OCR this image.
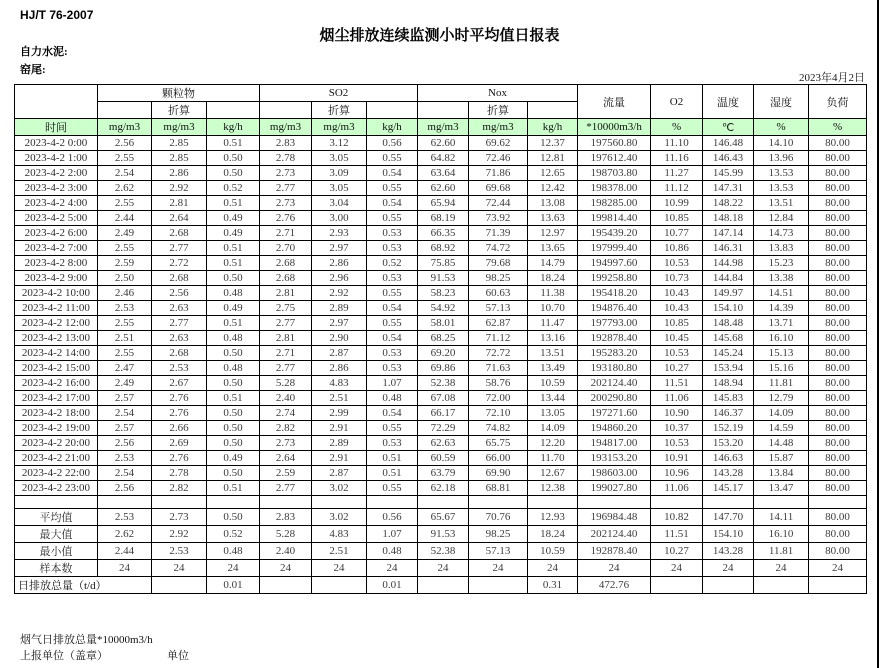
HJ/T 76-2007
烟尘排放连续监测小时平均值日报表
自力水泥:
窑尾:
2023年4月2日
	颗粒物			SO2			Nox			流量	O2	温度	湿度	负荷
		折算			折算			折算						
时间	mg/m3	mg/m3	kg/h	mg/m3	mg/m3	kg/h	mg/m3	mg/m3	kg/h	*10000m3/h	%	℃	%	%
2023-4-2 0:00	2.56	2.85	0.51	2.83	3.12	0.56	62.60	69.62	12.37	197560.80	11.10	146.48	14.10	80.00
2023-4-2 1:00	2.55	2.85	0.50	2.78	3.05	0.55	64.82	72.46	12.81	197612.40	11.16	146.43	13.96	80.00
2023-4-2 2:00	2.54	2.86	0.50	2.73	3.09	0.54	63.64	71.86	12.65	198703.80	11.27	145.99	13.53	80.00
2023-4-2 3:00	2.62	2.92	0.52	2.77	3.05	0.55	62.60	69.68	12.42	198378.00	11.12	147.31	13.53	80.00
2023-4-2 4:00	2.55	2.81	0.51	2.73	3.04	0.54	65.94	72.44	13.08	198285.00	10.99	148.22	13.51	80.00
2023-4-2 5:00	2.44	2.64	0.49	2.76	3.00	0.55	68.19	73.92	13.63	199814.40	10.85	148.18	12.84	80.00
2023-4-2 6:00	2.49	2.68	0.49	2.71	2.93	0.53	66.35	71.39	12.97	195439.20	10.77	147.14	14.73	80.00
2023-4-2 7:00	2.55	2.77	0.51	2.70	2.97	0.53	68.92	74.72	13.65	197999.40	10.86	146.31	13.83	80.00
2023-4-2 8:00	2.59	2.72	0.51	2.68	2.86	0.52	75.85	79.68	14.79	194997.60	10.53	144.98	15.23	80.00
2023-4-2 9:00	2.50	2.68	0.50	2.68	2.96	0.53	91.53	98.25	18.24	199258.80	10.73	144.84	13.38	80.00
2023-4-2 10:00	2.46	2.56	0.48	2.81	2.92	0.55	58.23	60.63	11.38	195418.20	10.43	149.97	14.51	80.00
2023-4-2 11:00	2.53	2.63	0.49	2.75	2.89	0.54	54.92	57.13	10.70	194876.40	10.43	154.10	14.39	80.00
2023-4-2 12:00	2.55	2.77	0.51	2.77	2.97	0.55	58.01	62.87	11.47	197793.00	10.85	148.48	13.71	80.00
2023-4-2 13:00	2.51	2.63	0.48	2.81	2.90	0.54	68.25	71.12	13.16	192878.40	10.45	145.68	16.10	80.00
2023-4-2 14:00	2.55	2.68	0.50	2.71	2.87	0.53	69.20	72.72	13.51	195283.20	10.53	145.24	15.13	80.00
2023-4-2 15:00	2.47	2.53	0.48	2.77	2.86	0.53	69.86	71.63	13.49	193180.80	10.27	153.94	15.16	80.00
2023-4-2 16:00	2.49	2.67	0.50	5.28	4.83	1.07	52.38	58.76	10.59	202124.40	11.51	148.94	11.81	80.00
2023-4-2 17:00	2.57	2.76	0.51	2.40	2.51	0.48	67.08	72.00	13.44	200290.80	11.06	145.83	12.79	80.00
2023-4-2 18:00	2.54	2.76	0.50	2.74	2.99	0.54	66.17	72.10	13.05	197271.60	10.90	146.37	14.09	80.00
2023-4-2 19:00	2.57	2.66	0.50	2.82	2.91	0.55	72.29	74.82	14.09	194860.20	10.37	152.19	14.59	80.00
2023-4-2 20:00	2.56	2.69	0.50	2.73	2.89	0.53	62.63	65.75	12.20	194817.00	10.53	153.20	14.48	80.00
2023-4-2 21:00	2.53	2.76	0.49	2.64	2.91	0.51	60.59	66.00	11.70	193153.20	10.91	146.63	15.87	80.00
2023-4-2 22:00	2.54	2.78	0.50	2.59	2.87	0.51	63.79	69.90	12.67	198603.00	10.96	143.28	13.84	80.00
2023-4-2 23:00	2.56	2.82	0.51	2.77	3.02	0.55	62.18	68.81	12.38	199027.80	11.06	145.17	13.47	80.00

平均值	2.53	2.73	0.50	2.83	3.02	0.56	65.67	70.76	12.93	196984.48	10.82	147.70	14.11	80.00
最大值	2.62	2.92	0.52	5.28	4.83	1.07	91.53	98.25	18.24	202124.40	11.51	154.10	16.10	80.00
最小值	2.44	2.53	0.48	2.40	2.51	0.48	52.38	57.13	10.59	192878.40	10.27	143.28	11.81	80.00
样本数	24	24	24	24	24	24	24	24	24	24	24	24	24	24
日排放总量（t/d）			0.01			0.01			0.31	472.76				
烟气日排放总量*10000m3/h
上报单位（盖章）	单位
